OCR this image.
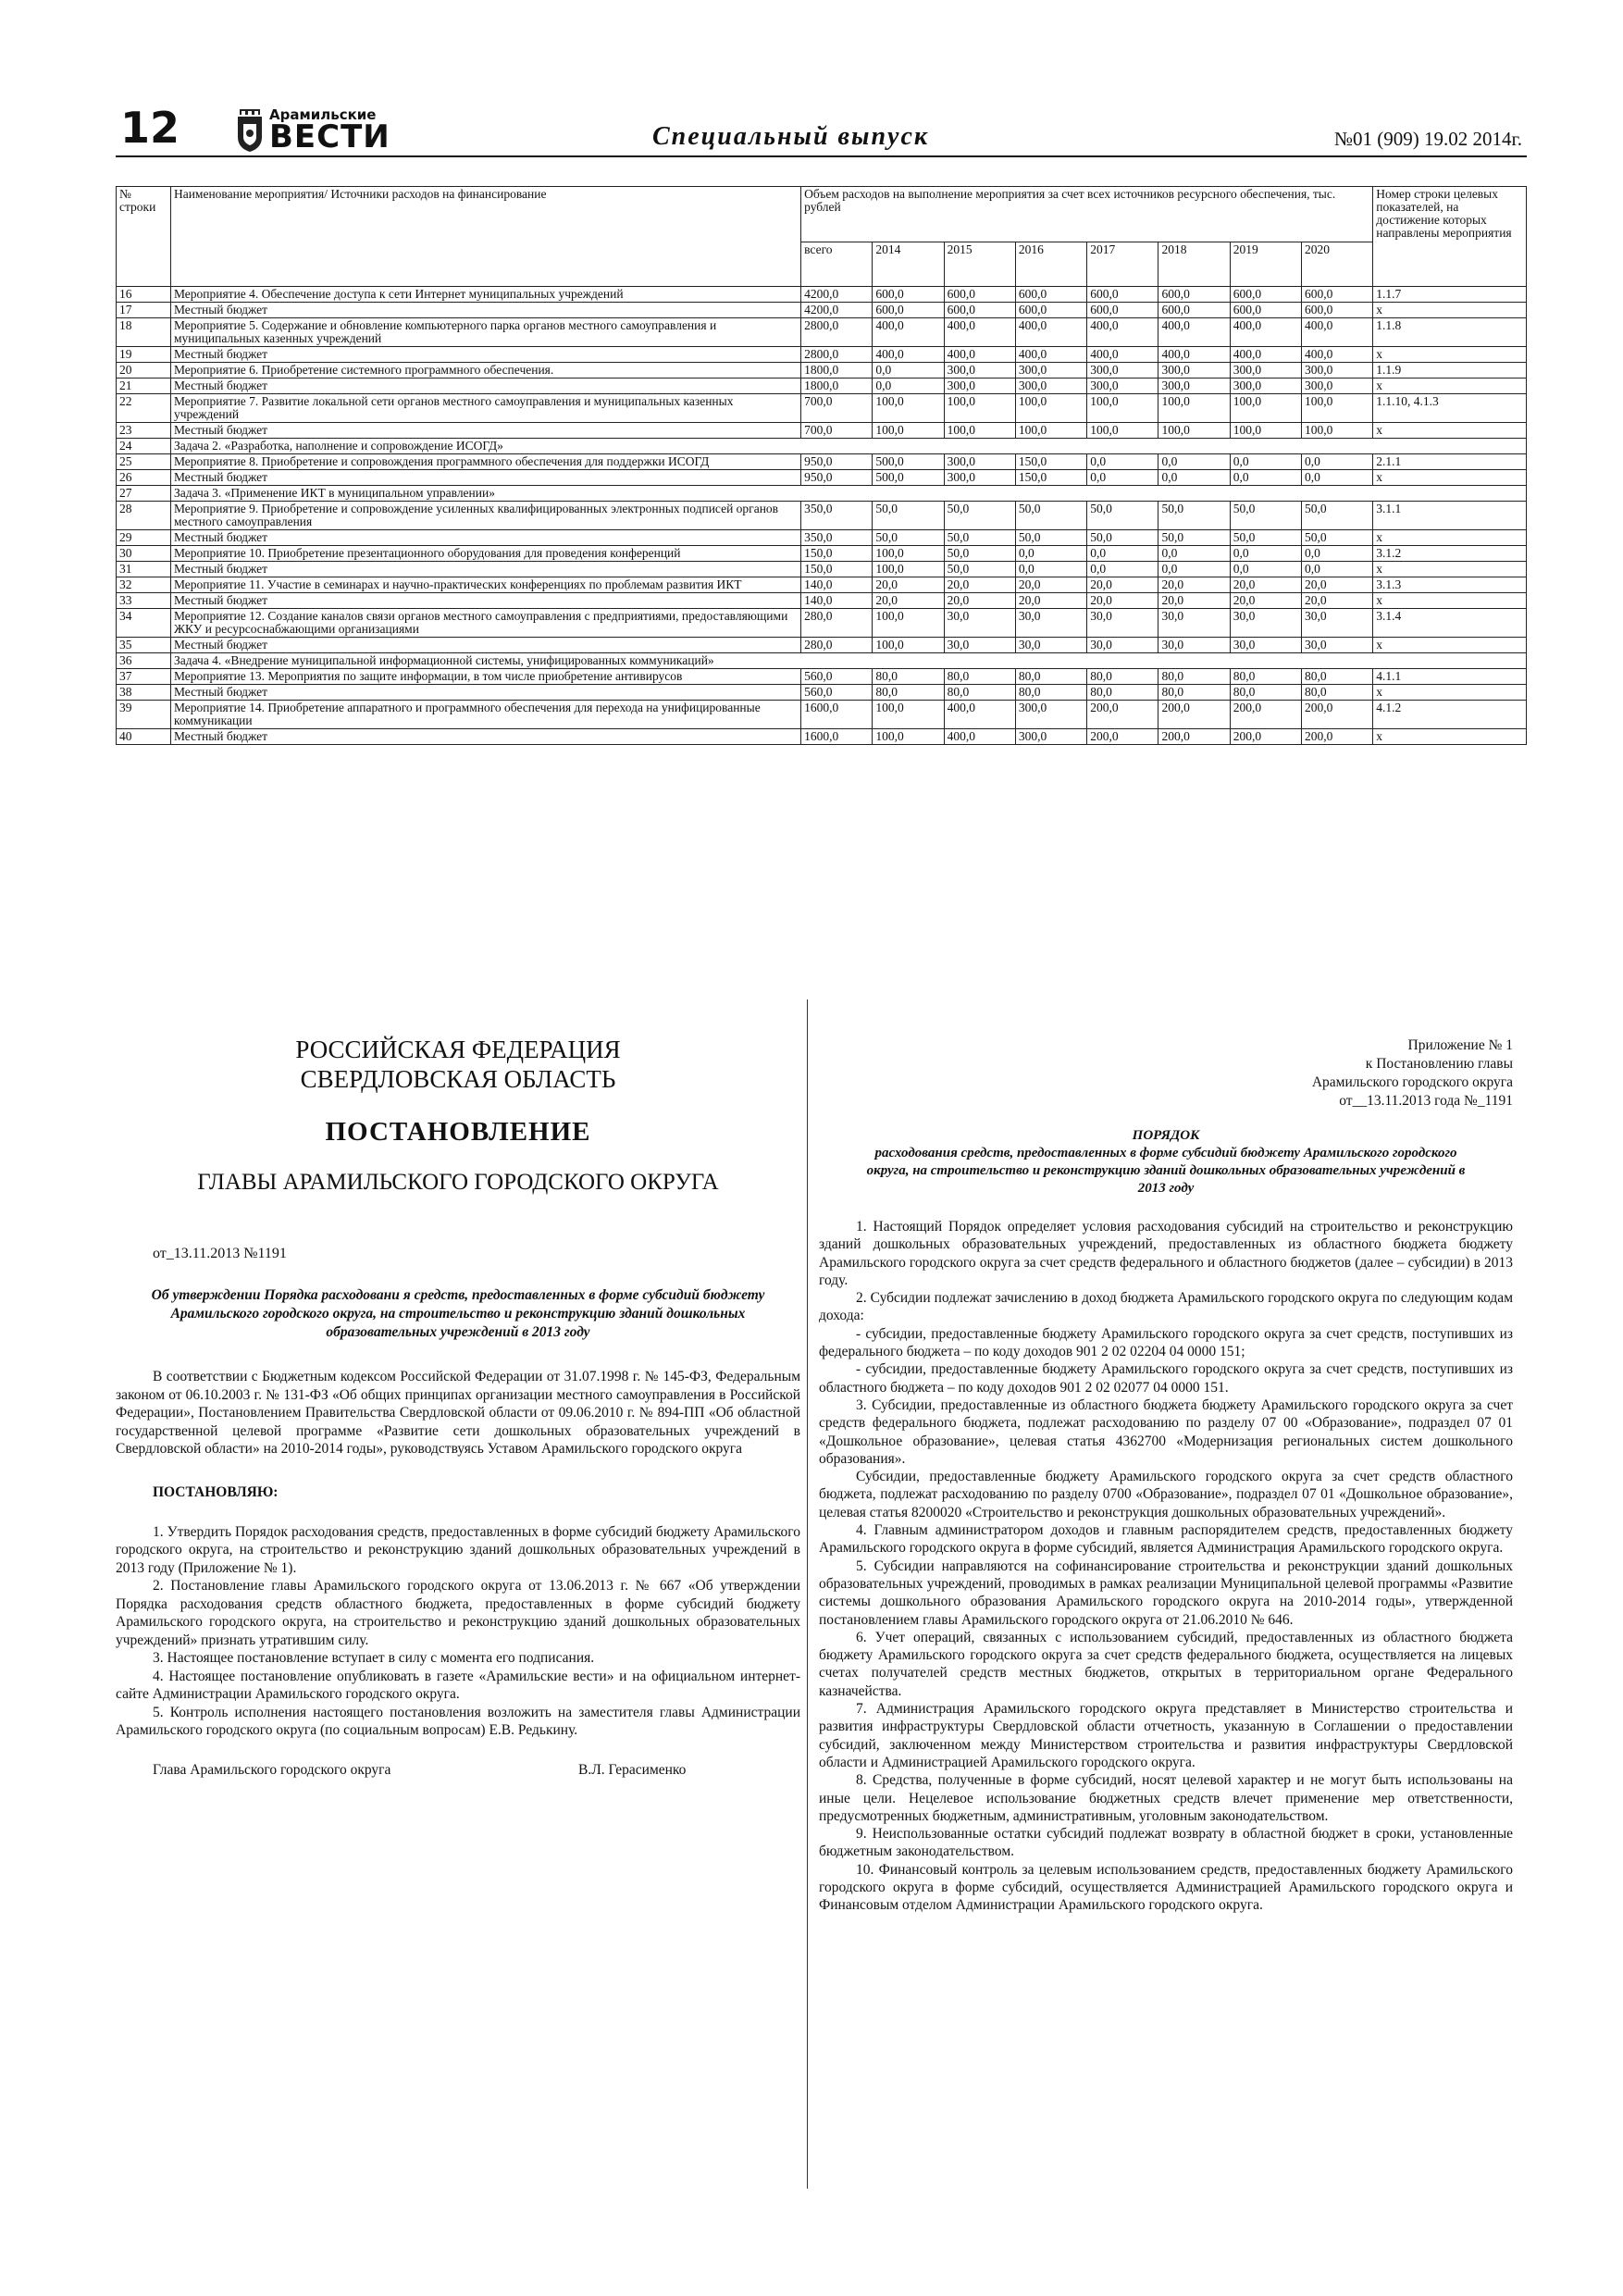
12	Арамильские
ВЕСТИ	Специальный выпуск	№01 (909) 19.02 2014г.
№ строки	Наименование мероприятия/ Источники расходов на финансирование	Объем расходов на выполнение мероприятия за счет всех источников ресурсного обеспечения, тыс. рублей								Номер строки целевых показателей, на достижение которых направлены мероприятия
		всего	2014	2015	2016	2017	2018	2019	2020	
16	Мероприятие 4. Обеспечение доступа к сети Интернет муниципальных учреждений	4200,0	600,0	600,0	600,0	600,0	600,0	600,0	600,0	1.1.7
17	Местный бюджет	4200,0	600,0	600,0	600,0	600,0	600,0	600,0	600,0	x
18	Мероприятие 5. Содержание и обновление компьютерного парка органов местного самоуправления и муниципальных казенных учреждений	2800,0	400,0	400,0	400,0	400,0	400,0	400,0	400,0	1.1.8
19	Местный бюджет	2800,0	400,0	400,0	400,0	400,0	400,0	400,0	400,0	x
20	Мероприятие 6. Приобретение системного программного обеспечения.	1800,0	0,0	300,0	300,0	300,0	300,0	300,0	300,0	1.1.9
21	Местный бюджет	1800,0	0,0	300,0	300,0	300,0	300,0	300,0	300,0	x
22	Мероприятие 7. Развитие локальной сети органов местного самоуправления и муниципальных казенных учреждений	700,0	100,0	100,0	100,0	100,0	100,0	100,0	100,0	1.1.10, 4.1.3
23	Местный бюджет	700,0	100,0	100,0	100,0	100,0	100,0	100,0	100,0	x
24	Задача 2. «Разработка, наполнение и сопровождение ИСОГД»									
25	Мероприятие 8. Приобретение и сопровождения программного обеспечения для поддержки ИСОГД	950,0	500,0	300,0	150,0	0,0	0,0	0,0	0,0	2.1.1
26	Местный бюджет	950,0	500,0	300,0	150,0	0,0	0,0	0,0	0,0	x
27	Задача 3. «Применение ИКТ в муниципальном управлении»									
28	Мероприятие 9. Приобретение и сопровождение усиленных квалифицированных электронных подписей органов местного самоуправления	350,0	50,0	50,0	50,0	50,0	50,0	50,0	50,0	3.1.1
29	Местный бюджет	350,0	50,0	50,0	50,0	50,0	50,0	50,0	50,0	x
30	Мероприятие 10. Приобретение презентационного оборудования для проведения конференций	150,0	100,0	50,0	0,0	0,0	0,0	0,0	0,0	3.1.2
31	Местный бюджет	150,0	100,0	50,0	0,0	0,0	0,0	0,0	0,0	x
32	Мероприятие 11. Участие в семинарах и научно-практических конференциях по проблемам развития ИКТ	140,0	20,0	20,0	20,0	20,0	20,0	20,0	20,0	3.1.3
33	Местный бюджет	140,0	20,0	20,0	20,0	20,0	20,0	20,0	20,0	x
34	Мероприятие 12. Создание каналов связи органов местного самоуправления с предприятиями, предоставляющими ЖКУ и ресурсоснабжающими организациями	280,0	100,0	30,0	30,0	30,0	30,0	30,0	30,0	3.1.4
35	Местный бюджет	280,0	100,0	30,0	30,0	30,0	30,0	30,0	30,0	x
36	Задача 4. «Внедрение муниципальной информационной системы, унифицированных коммуникаций»									
37	Мероприятие 13. Мероприятия по защите информации, в том числе приобретение антивирусов	560,0	80,0	80,0	80,0	80,0	80,0	80,0	80,0	4.1.1
38	Местный бюджет	560,0	80,0	80,0	80,0	80,0	80,0	80,0	80,0	x
39	Мероприятие 14. Приобретение аппаратного и программного обеспечения для перехода на унифицированные коммуникации	1600,0	100,0	400,0	300,0	200,0	200,0	200,0	200,0	4.1.2
40	Местный бюджет	1600,0	100,0	400,0	300,0	200,0	200,0	200,0	200,0	x
РОССИЙСКАЯ ФЕДЕРАЦИЯ
СВЕРДЛОВСКАЯ ОБЛАСТЬ
ПОСТАНОВЛЕНИЕ
ГЛАВЫ АРАМИЛЬСКОГО ГОРОДСКОГО ОКРУГА
от_13.11.2013 №1191
Об утверждении Порядка расходовани я средств, предоставленных в форме субсидий бюджету Арамильского городского округа, на строительство и реконструкцию зданий дошкольных образовательных учреждений в 2013 году

В соответствии с Бюджетным кодексом Российской Федерации от 31.07.1998 г. № 145-ФЗ, Федеральным законом от 06.10.2003 г. № 131-ФЗ «Об общих принципах организации местного самоуправления в Российской Федерации», Постановлением Правительства Свердловской области от 09.06.2010 г. № 894-ПП «Об областной государственной целевой программе «Развитие сети дошкольных образовательных учреждений в Свердловской области» на 2010-2014 годы», руководствуясь Уставом Арамильского городского округа

ПОСТАНОВЛЯЮ:

1. Утвердить Порядок расходования средств, предоставленных в форме субсидий бюджету Арамильского городского округа, на строительство и реконструкцию зданий дошкольных образовательных учреждений в 2013 году (Приложение № 1).

2. Постановление главы Арамильского городского округа от 13.06.2013 г. № 667 «Об утверждении Порядка расходования средств областного бюджета, предоставленных в форме субсидий бюджету Арамильского городского округа, на строительство и реконструкцию зданий дошкольных образовательных учреждений» признать утратившим силу.

3. Настоящее постановление вступает в силу с момента его подписания.

4. Настоящее постановление опубликовать в газете «Арамильские вести» и на официальном интернет-сайте Администрации Арамильского городского округа.

5. Контроль исполнения настоящего постановления возложить на заместителя главы Администрации Арамильского городского округа (по социальным вопросам) Е.В. Редькину.

Глава Арамильского городского округа	В.Л. Герасименко
Приложение № 1
к Постановлению главы
Арамильского городского округа
от__13.11.2013 года №_1191
ПОРЯДОК
расходования средств, предоставленных в форме субсидий бюджету Арамильского городского округа, на строительство и реконструкцию зданий дошкольных образовательных учреждений в 2013 году

1. Настоящий Порядок определяет условия расходования субсидий на строительство и реконструкцию зданий дошкольных образовательных учреждений, предоставленных из областного бюджета бюджету Арамильского городского округа за счет средств федерального и областного бюджетов (далее – субсидии) в 2013 году.

2. Субсидии подлежат зачислению в доход бюджета Арамильского городского округа по следующим кодам дохода:

- субсидии, предоставленные бюджету Арамильского городского округа за счет средств, поступивших из федерального бюджета – по коду доходов 901 2 02 02204 04 0000 151;

- субсидии, предоставленные бюджету Арамильского городского округа за счет средств, поступивших из областного бюджета – по коду доходов 901 2 02 02077 04 0000 151.

3. Субсидии, предоставленные из областного бюджета бюджету Арамильского городского округа за счет средств федерального бюджета, подлежат расходованию по разделу 07 00 «Образование», подраздел 07 01 «Дошкольное образование», целевая статья 4362700 «Модернизация региональных систем дошкольного образования».

Субсидии, предоставленные бюджету Арамильского городского округа за счет средств областного бюджета, подлежат расходованию по разделу 0700 «Образование», подраздел 07 01 «Дошкольное образование», целевая статья 8200020 «Строительство и реконструкция дошкольных образовательных учреждений».

4. Главным администратором доходов и главным распорядителем средств, предоставленных бюджету Арамильского городского округа в форме субсидий, является Администрация Арамильского городского округа.

5. Субсидии направляются на софинансирование строительства и реконструкции зданий дошкольных образовательных учреждений, проводимых в рамках реализации Муниципальной целевой программы «Развитие системы дошкольного образования Арамильского городского округа на 2010-2014 годы», утвержденной постановлением главы Арамильского городского округа от 21.06.2010 № 646.

6. Учет операций, связанных с использованием субсидий, предоставленных из областного бюджета бюджету Арамильского городского округа за счет средств федерального бюджета, осуществляется на лицевых счетах получателей средств местных бюджетов, открытых в территориальном органе Федерального казначейства.

7. Администрация Арамильского городского округа представляет в Министерство строительства и развития инфраструктуры Свердловской области отчетность, указанную в Соглашении о предоставлении субсидий, заключенном между Министерством строительства и развития инфраструктуры Свердловской области и Администрацией Арамильского городского округа.

8. Средства, полученные в форме субсидий, носят целевой характер и не могут быть использованы на иные цели. Нецелевое использование бюджетных средств влечет применение мер ответственности, предусмотренных бюджетным, административным, уголовным законодательством.

9. Неиспользованные остатки субсидий подлежат возврату в областной бюджет в сроки, установленные бюджетным законодательством.

10. Финансовый контроль за целевым использованием средств, предоставленных бюджету Арамильского городского округа в форме субсидий, осуществляется Администрацией Арамильского городского округа и Финансовым отделом Администрации Арамильского городского округа.
